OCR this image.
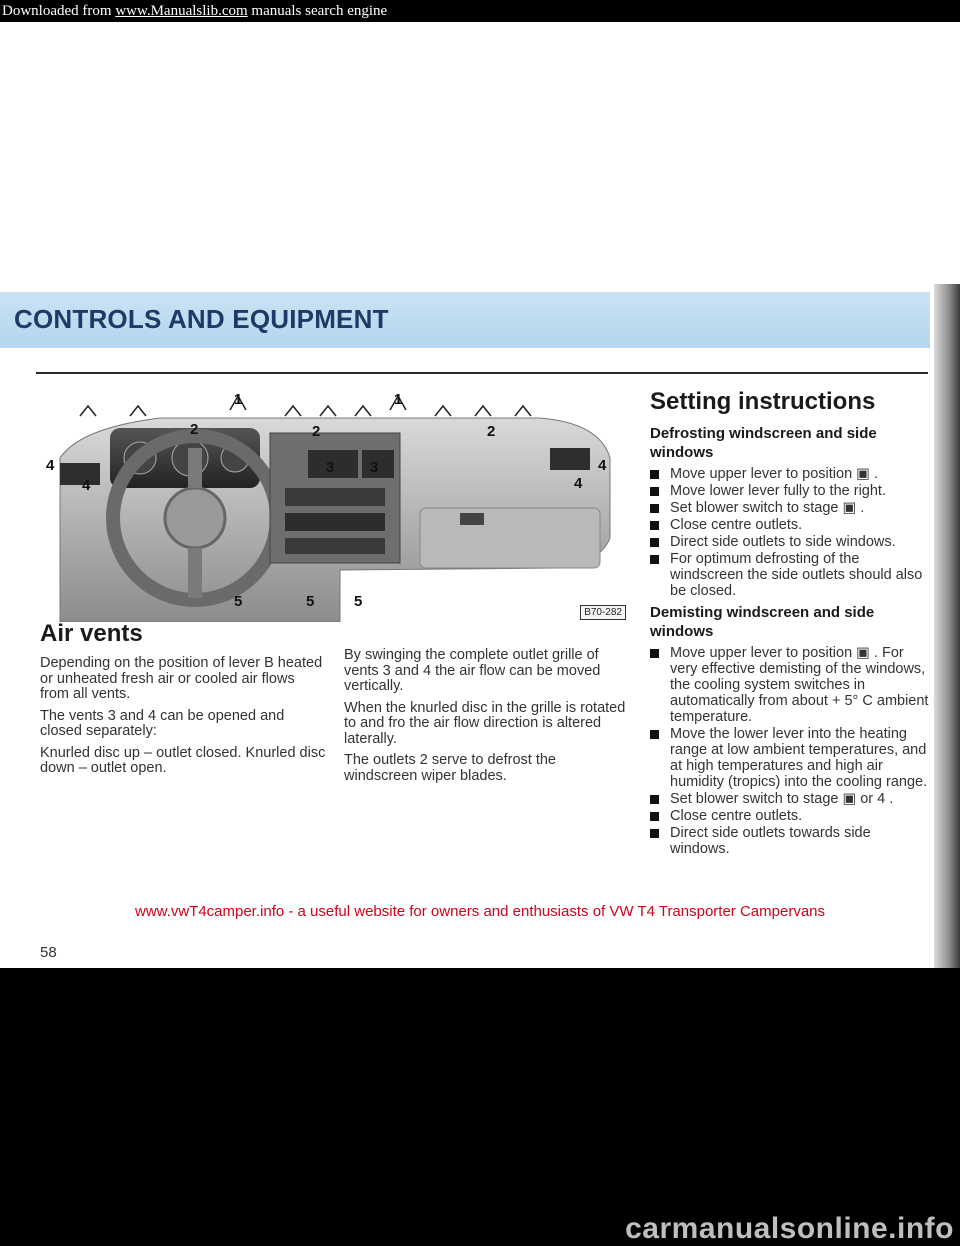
Downloaded from www.Manualslib.com manuals search engine
CONTROLS AND EQUIPMENT
1	1
2	2	2
3 3
4
4
4
4
5	5	5
B70-282
Air vents

Depending on the position of lever B heated or unheated fresh air or cooled air flows from all vents.

The vents 3 and 4 can be opened and closed separately:

Knurled disc up – outlet closed. Knurled disc down – outlet open.

By swinging the complete outlet grille of vents 3 and 4 the air flow can be moved vertically.

When the knurled disc in the grille is rotated to and fro the air flow direction is altered laterally.

The outlets 2 serve to defrost the windscreen wiper blades.

Setting instructions
Defrosting windscreen and side windows
Move upper lever to position ▣ .
Move lower lever fully to the right.
Set blower switch to stage ▣ .
Close centre outlets.
Direct side outlets to side windows.
For optimum defrosting of the windscreen the side outlets should also be closed.
Demisting windscreen and side windows
Move upper lever to position ▣ . For very effective demisting of the windows, the cooling system switches in automatically from about + 5° C ambient temperature.
Move the lower lever into the heating range at low ambient temperatures, and at high temperatures and high air humidity (tropics) into the cooling range.
Set blower switch to stage ▣ or 4 .
Close centre outlets.
Direct side outlets towards side windows.
www.vwT4camper.info - a useful website for owners and enthusiasts of VW T4 Transporter Campervans
58
carmanualsonline.info
